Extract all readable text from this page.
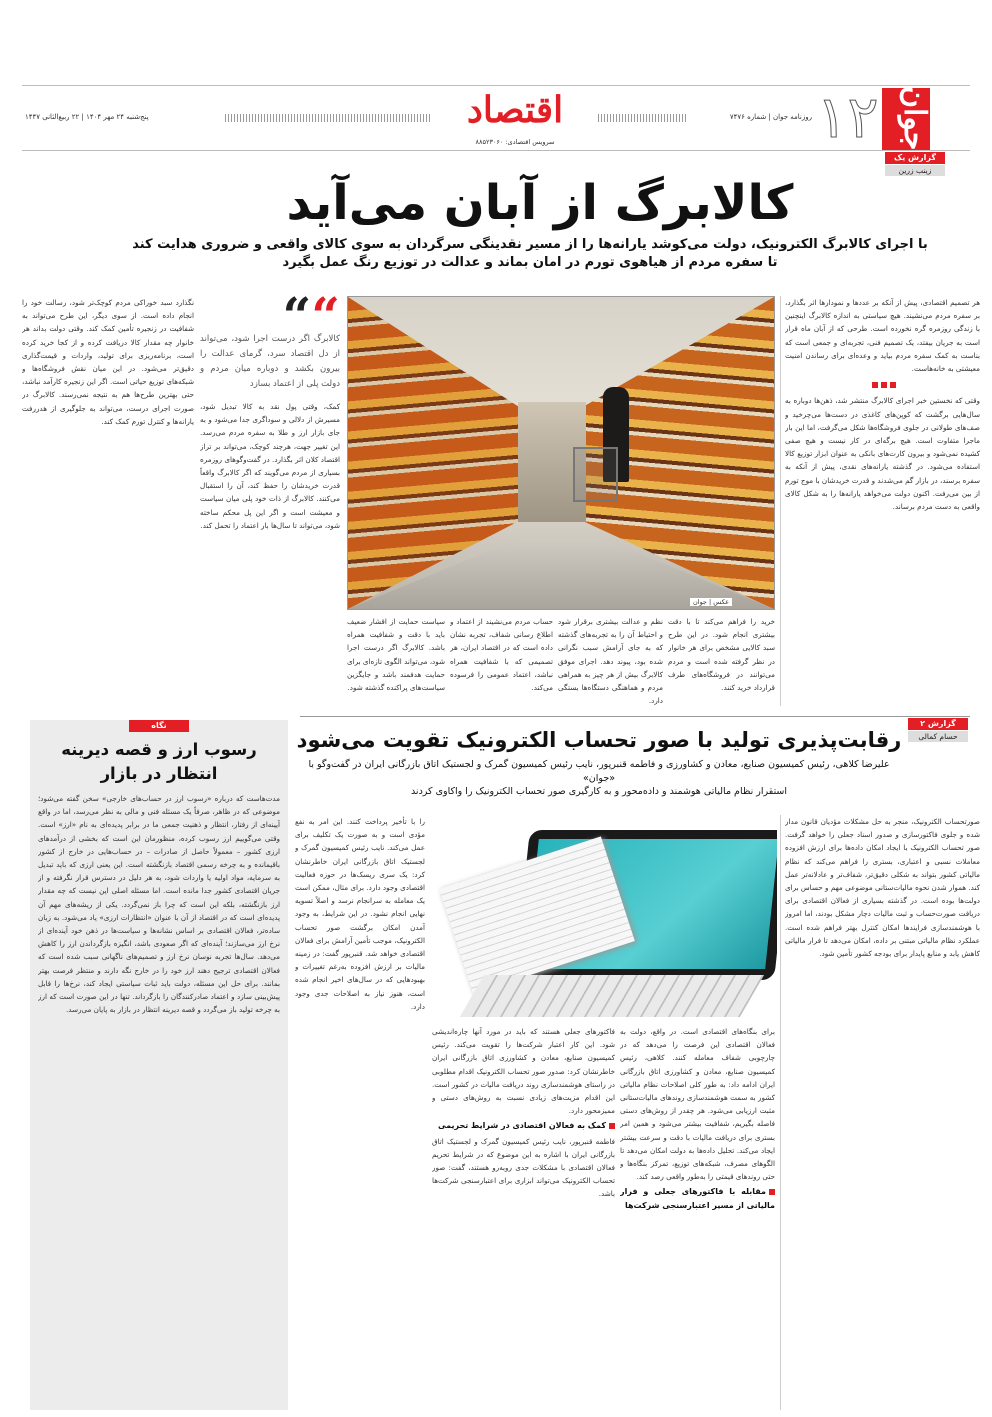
جوان
۱۲
روزنامه جوان | شماره ۷۴۷۶
اقتصاد
سرویس اقتصادی: ۸۸۵۲۳۰۶۰
پنج‌شنبه ۲۴ مهر ۱۴۰۴ | ۲۲ ربیع‌الثانی ۱۴۴۷
گزارش یک
زینب زرین
کالابرگ از آبان می‌آید
با اجرای کالابرگ الکترونیک، دولت می‌کوشد یارانه‌ها را از مسیر نقدینگی سرگردان به سوی کالای واقعی و ضروری هدایت کند
تا سفره مردم از هیاهوی تورم در امان بماند و عدالت در توزیع رنگ عمل بگیرد

هر تصمیم اقتصادی، پیش از آنکه بر عددها و نمودارها اثر بگذارد، بر سفره مردم می‌نشیند. هیچ سیاستی به اندازه کالابرگ اینچنین با زندگی روزمره گره نخورده است. طرحی که از آبان ماه قرار است به جریان بیفتد، یک تصمیم فنی، تجربه‌ای و جمعی است که بناست به کمک سفره مردم بیاید و وعده‌ای برای رساندن امنیت معیشتی به خانه‌هاست.

وقتی که نخستین خبر اجرای کالابرگ منتشر شد، ذهن‌ها دوباره به سال‌هایی برگشت که کوپن‌های کاغذی در دست‌ها می‌چرخید و صف‌های طولانی در جلوی فروشگاه‌ها شکل می‌گرفت، اما این بار ماجرا متفاوت است. هیچ برگه‌ای در کار نیست و هیچ صفی کشیده نمی‌شود و بیرون کارت‌های بانکی به عنوان ابزار توزیع کالا استفاده می‌شود. در گذشته یارانه‌های نقدی، پیش از آنکه به سفره برسند، در بازار گم می‌شدند و قدرت خریدشان با موج تورم از بین می‌رفت. اکنون دولت می‌خواهد یارانه‌ها را به شکل کالای واقعی به دست مردم برساند.

عکس | جوان
خرید را فراهم می‌کند تا با دقت بیشتری انجام شود. در این طرح سبد کالایی مشخص برای هر خانوار در نظر گرفته شده است و مردم می‌توانند در فروشگاه‌های طرف قرارداد خرید کنند.
نظم و عدالت بیشتری برقرار شود و احتیاط آن را به تجربه‌های گذشته که به جای آرامش سبب نگرانی شده بود، پیوند دهد. اجرای موفق کالابرگ بیش از هر چیز به همراهی مردم و هماهنگی دستگاه‌ها بستگی دارد.
حساب مردم می‌نشیند از اعتماد و اطلاع رسانی شفاف، تجربه نشان داده است که در اقتصاد ایران، هر تصمیمی که با شفافیت همراه نباشد، اعتماد عمومی را فرسوده می‌کند.
سیاست حمایت از اقشار ضعیف باید با دقت و شفافیت همراه باشد. کالابرگ اگر درست اجرا شود، می‌تواند الگوی تازه‌ای برای حمایت هدفمند باشد و جایگزین سیاست‌های پراکنده گذشته شود.
““
کالابرگ اگر درست اجرا شود، می‌تواند از دل اقتصاد سرد، گرمای عدالت را بیرون بکشد و دوباره میان مردم و دولت پلی از اعتماد بسازد
کمک، وقتی پول نقد به کالا تبدیل شود، مسیرش از دلالی و سوداگری جدا می‌شود و به جای بازار ارز و طلا به سفره مردم می‌رسد. این تغییر جهت، هرچند کوچک، می‌تواند بر تراز اقتصاد کلان اثر بگذارد. در گفت‌وگوهای روزمره بسیاری از مردم می‌گویند که اگر کالابرگ واقعاً قدرت خریدشان را حفظ کند، آن را استقبال می‌کنند. کالابرگ از ذات خود پلی میان سیاست و معیشت است و اگر این پل محکم ساخته شود، می‌تواند تا سال‌ها بار اعتماد را تحمل کند.
نگذارد سبد خوراکی مردم کوچک‌تر شود، رسالت خود را انجام داده است. از سوی دیگر، این طرح می‌تواند به شفافیت در زنجیره تأمین کمک کند. وقتی دولت بداند هر خانوار چه مقدار کالا دریافت کرده و از کجا خرید کرده است، برنامه‌ریزی برای تولید، واردات و قیمت‌گذاری دقیق‌تر می‌شود. در این میان نقش فروشگاه‌ها و شبکه‌های توزیع حیاتی است. اگر این زنجیره کارآمد نباشد، حتی بهترین طرح‌ها هم به نتیجه نمی‌رسند. کالابرگ در صورت اجرای درست، می‌تواند به جلوگیری از هدررفت یارانه‌ها و کنترل تورم کمک کند.
گزارش ۲
حسام کمالی
رقابت‌پذیری تولید با صور تحساب الکترونیک تقویت می‌شود
علیرضا کلاهی، رئیس کمیسیون صنایع، معادن و کشاورزی و فاطمه قنبرپور، نایب رئیس کمیسیون گمرک و لجستیک اتاق بازرگانی ایران در گفت‌وگو با «جوان»
استقرار نظام مالیاتی هوشمند و داده‌محور و به کارگیری صور تحساب الکترونیک را واکاوی کردند
صورتحساب الکترونیک، منجر به حل مشکلات مؤدیان قانون مدار شده و جلوی فاکتورسازی و صدور اسناد جعلی را خواهد گرفت. صور تحساب الکترونیک با ایجاد امکان داده‌ها برای ارزش افزوده معاملات نسبی و اعتباری، بستری را فراهم می‌کند که نظام مالیاتی کشور بتواند به شکلی دقیق‌تر، شفاف‌تر و عادلانه‌تر عمل کند. هموار شدن نحوه مالیات‌ستانی موضوعی مهم و حساس برای دولت‌ها بوده است. در گذشته بسیاری از فعالان اقتصادی برای دریافت صورت‌حساب و ثبت مالیات دچار مشکل بودند، اما امروز با هوشمندسازی فرایندها امکان کنترل بهتر فراهم شده است. عملکرد نظام مالیاتی مبتنی بر داده، امکان می‌دهد تا فرار مالیاتی کاهش یابد و منابع پایدار برای بودجه کشور تأمین شود.

برای بنگاه‌های اقتصادی است. در واقع، دولت به فعالان اقتصادی این فرصت را می‌دهد که در چارچوبی شفاف معامله کنند. کلاهی، رئیس کمیسیون صنایع، معادن و کشاورزی اتاق بازرگانی ایران ادامه داد: به طور کلی اصلاحات نظام مالیاتی کشور به سمت هوشمندسازی روندهای مالیات‌ستانی مثبت ارزیابی می‌شود. هر چقدر از روش‌های دستی فاصله بگیریم، شفافیت بیشتر می‌شود و همین امر بستری برای دریافت مالیات با دقت و سرعت بیشتر ایجاد می‌کند. تحلیل داده‌ها به دولت امکان می‌دهد تا الگوهای مصرف، شبکه‌های توزیع، تمرکز بنگاه‌ها و حتی روندهای قیمتی را به‌طور واقعی رصد کند.

مقابله با فاکتورهای جعلی و فرار مالیاتی از مسیر اعتبارسنجی شرکت‌ها

فاکتورهای جعلی هستند که باید در مورد آنها چاره‌اندیشی شود. این کار اعتبار شرکت‌ها را تقویت می‌کند. رئیس کمیسیون صنایع، معادن و کشاورزی اتاق بازرگانی ایران خاطرنشان کرد: صدور صور تحساب الکترونیک اقدام مطلوبی در راستای هوشمندسازی روند دریافت مالیات در کشور است. این اقدام مزیت‌های زیادی نسبت به روش‌های دستی و ممیزمحور دارد.

کمک به فعالان اقتصادی در شرایط تحریمی

فاطمه قنبرپور، نایب رئیس کمیسیون گمرک و لجستیک اتاق بازرگانی ایران با اشاره به این موضوع که در شرایط تحریم فعالان اقتصادی با مشکلات جدی روبه‌رو هستند، گفت: صور تحساب الکترونیک می‌تواند ابزاری برای اعتبارسنجی شرکت‌ها باشد.

را با تأخیر پرداخت کنند. این امر به نفع مؤدی است و به صورت یک تکلیف برای عمل می‌کند. نایب رئیس کمیسیون گمرک و لجستیک اتاق بازرگانی ایران خاطرنشان کرد: یک سری ریسک‌ها در حوزه فعالیت اقتصادی وجود دارد. برای مثال، ممکن است یک معامله به سرانجام نرسد و اصلاً تسویه نهایی انجام نشود. در این شرایط، به وجود آمدن امکان برگشت صور تحساب الکترونیک، موجب تأمین آرامش برای فعالان اقتصادی خواهد شد. قنبرپور گفت: در زمینه مالیات بر ارزش افزوده به‌رغم تغییرات و بهبودهایی که در سال‌های اخیر انجام شده است، هنوز نیاز به اصلاحات جدی وجود دارد.
نگاه
رسوب ارز و قصه دیرینه انتظار در بازار
مدت‌هاست که درباره «رسوب ارز در حساب‌های خارجی» سخن گفته می‌شود؛ موضوعی که در ظاهر، صرفاً یک مسئله فنی و مالی به نظر می‌رسد، اما در واقع آیینه‌ای از رفتار، انتظار و ذهنیت جمعی ما در برابر پدیده‌ای به نام «ارز» است. وقتی می‌گوییم ارز رسوب کرده، منظورمان این است که بخشی از درآمدهای ارزی کشور – معمولاً حاصل از صادرات – در حساب‌هایی در خارج از کشور باقیمانده و به چرخه رسمی اقتصاد بازنگشته است. این یعنی ارزی که باید تبدیل به سرمایه، مواد اولیه یا واردات شود، به هر دلیل در دسترس قرار نگرفته و از جریان اقتصادی کشور جدا مانده است. اما مسئله اصلی این نیست که چه مقدار ارز بازنگشته، بلکه این است که چرا باز نمی‌گردد. یکی از ریشه‌های مهم آن پدیده‌ای است که در اقتصاد از آن با عنوان «انتظارات ارزی» یاد می‌شود. به زبان ساده‌تر، فعالان اقتصادی بر اساس نشانه‌ها و سیاست‌ها در ذهن خود آینده‌ای از نرخ ارز می‌سازند؛ آینده‌ای که اگر صعودی باشد، انگیزه بازگرداندن ارز را کاهش می‌دهد. سال‌ها تجربه نوسان نرخ ارز و تصمیم‌های ناگهانی سبب شده است که فعالان اقتصادی ترجیح دهند ارز خود را در خارج نگه دارند و منتظر فرصت بهتر بمانند. برای حل این مسئله، دولت باید ثبات سیاستی ایجاد کند، نرخ‌ها را قابل پیش‌بینی سازد و اعتماد صادرکنندگان را بازگرداند. تنها در این صورت است که ارز به چرخه تولید باز می‌گردد و قصه دیرینه انتظار در بازار به پایان می‌رسد.
